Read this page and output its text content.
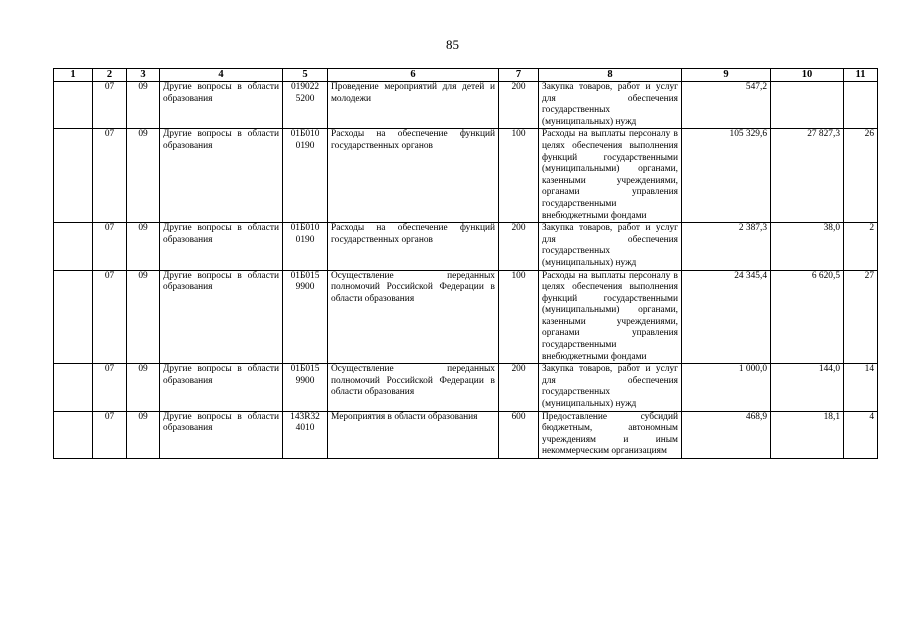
85
1	2	3	4	5	6	7	8	9	10	11
	07	09	Другие вопросы в области образования	019022 5200	Проведение мероприятий для детей и молодежи	200	Закупка товаров, работ и услуг для обеспечения государственных (муниципальных) нужд	547,2		
	07	09	Другие вопросы в области образования	01Б010 0190	Расходы на обеспечение функций государственных органов	100	Расходы на выплаты персоналу в целях обеспечения выполнения функций государственными (муниципальными) органами, казенными учреждениями, органами управления государственными внебюджетными фондами	105 329,6	27 827,3	26
	07	09	Другие вопросы в области образования	01Б010 0190	Расходы на обеспечение функций государственных органов	200	Закупка товаров, работ и услуг для обеспечения государственных (муниципальных) нужд	2 387,3	38,0	2
	07	09	Другие вопросы в области образования	01Б015 9900	Осуществление переданных полномочий Российской Федерации в области образования	100	Расходы на выплаты персоналу в целях обеспечения выполнения функций государственными (муниципальными) органами, казенными учреждениями, органами управления государственными внебюджетными фондами	24 345,4	6 620,5	27
	07	09	Другие вопросы в области образования	01Б015 9900	Осуществление переданных полномочий Российской Федерации в области образования	200	Закупка товаров, работ и услуг для обеспечения государственных (муниципальных) нужд	1 000,0	144,0	14
	07	09	Другие вопросы в области образования	143R32 4010	Мероприятия в области образования	600	Предоставление субсидий бюджетным, автономным учреждениям и иным некоммерческим организациям	468,9	18,1	4
